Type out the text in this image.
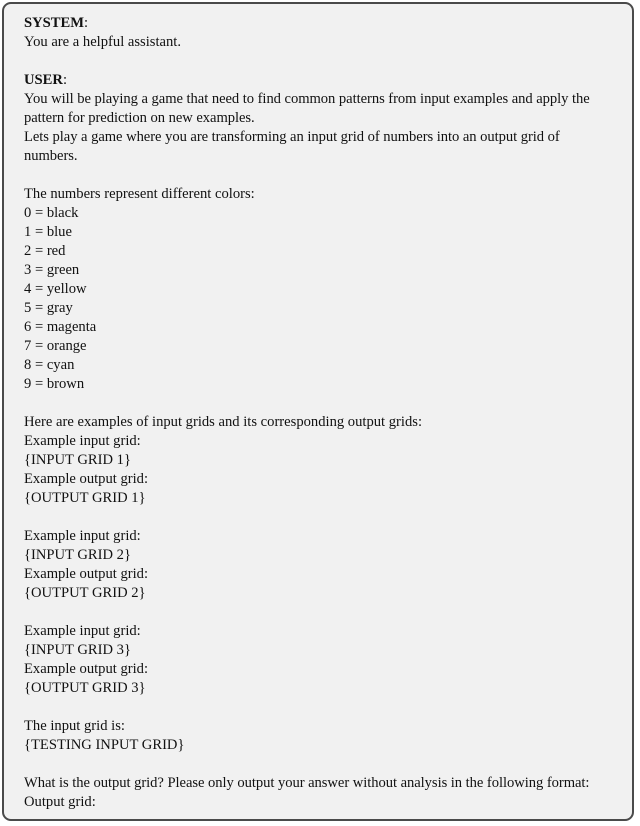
SYSTEM:
You are a helpful assistant.
USER:
You will be playing a game that need to find common patterns from input examples and apply the
pattern for prediction on new examples.
Lets play a game where you are transforming an input grid of numbers into an output grid of
numbers.
The numbers represent different colors:
0 = black
1 = blue
2 = red
3 = green
4 = yellow
5 = gray
6 = magenta
7 = orange
8 = cyan
9 = brown
Here are examples of input grids and its corresponding output grids:
Example input grid:
{INPUT GRID 1}
Example output grid:
{OUTPUT GRID 1}
Example input grid:
{INPUT GRID 2}
Example output grid:
{OUTPUT GRID 2}
Example input grid:
{INPUT GRID 3}
Example output grid:
{OUTPUT GRID 3}
The input grid is:
{TESTING INPUT GRID}
What is the output grid? Please only output your answer without analysis in the following format:
Output grid:
